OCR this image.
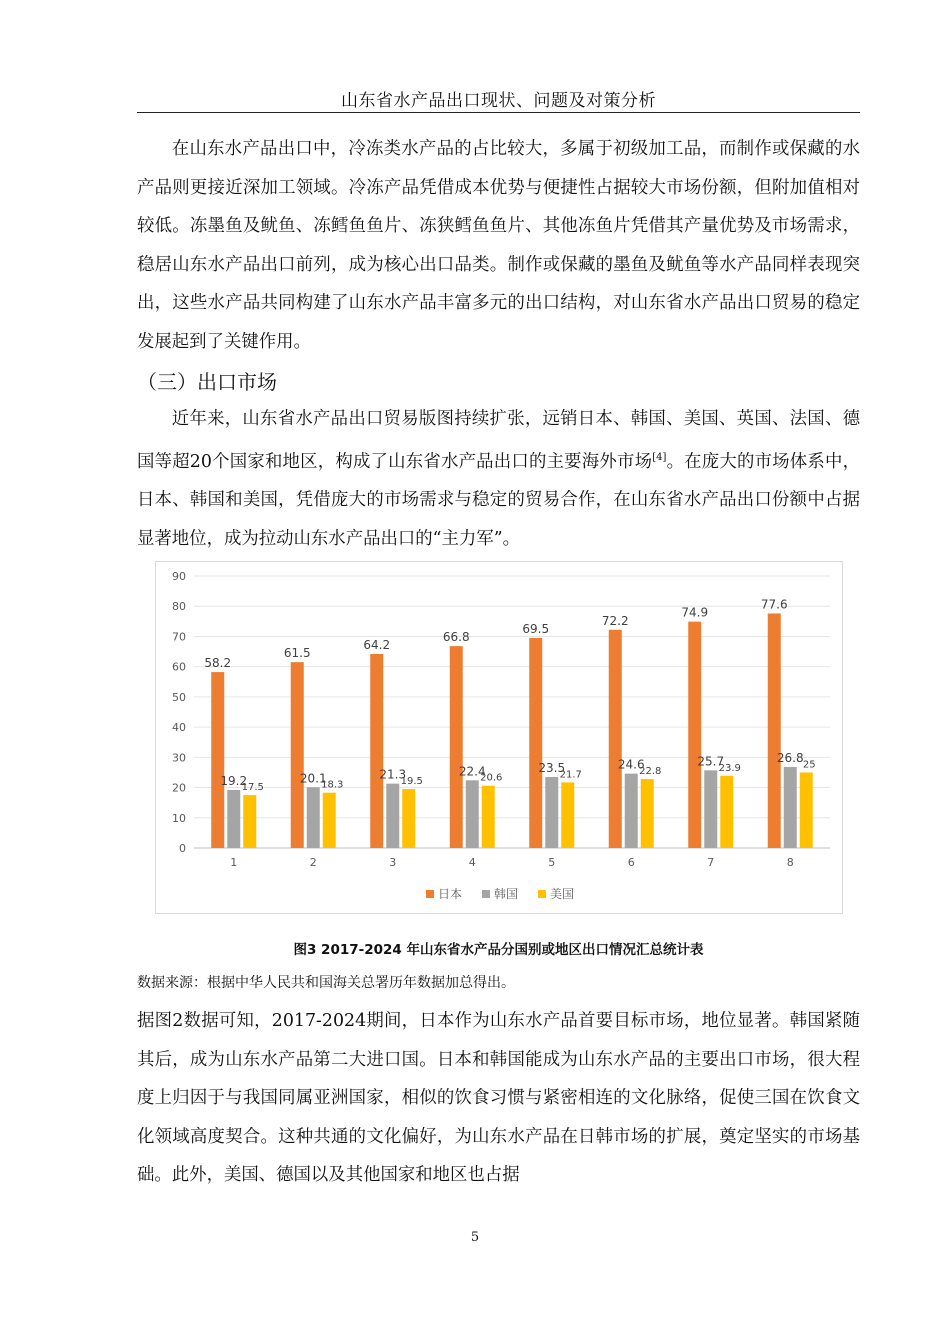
山东省水产品出口现状、问题及对策分析

在山东水产品出口中，冷冻类水产品的占比较大，多属于初级加工品，而制作或保藏的水产品则更接近深加工领域。冷冻产品凭借成本优势与便捷性占据较大市场份额，但附加值相对较低。冻墨鱼及鱿鱼、冻鳕鱼鱼片、冻狭鳕鱼鱼片、其他冻鱼片凭借其产量优势及市场需求，稳居山东水产品出口前列，成为核心出口品类。制作或保藏的墨鱼及鱿鱼等水产品同样表现突出，这些水产品共同构建了山东水产品丰富多元的出口结构，对山东省水产品出口贸易的稳定发展起到了关键作用。

（三）出口市场

近年来，山东省水产品出口贸易版图持续扩张，远销日本、韩国、美国、英国、法国、德国等超20个国家和地区，构成了山东省水产品出口的主要海外市场[4]。在庞大的市场体系中，日本、韩国和美国，凭借庞大的市场需求与稳定的贸易合作，在山东省水产品出口份额中占据显著地位，成为拉动山东水产品出口的“主力军”。

0
10
20
30
40
50
60
70
80
90
1
58.2
19.2
17.5
2
61.5
20.1
18.3
3
64.2
21.3
19.5
4
66.8
22.4
20.6
5
69.5
23.5
21.7
6
72.2
24.6
22.8
7
74.9
25.7
23.9
8
77.6
26.8 25
日本	韩国	美国
图3 2017-2024 年山东省水产品分国别或地区出口情况汇总统计表
数据来源：根据中华人民共和国海关总署历年数据加总得出。

据图2数据可知，2017-2024期间，日本作为山东水产品首要目标市场，地位显著。韩国紧随其后，成为山东水产品第二大进口国。日本和韩国能成为山东水产品的主要出口市场，很大程度上归因于与我国同属亚洲国家，相似的饮食习惯与紧密相连的文化脉络，促使三国在饮食文化领域高度契合。这种共通的文化偏好，为山东水产品在日韩市场的扩展，奠定坚实的市场基础。此外，美国、德国以及其他国家和地区也占据

5
